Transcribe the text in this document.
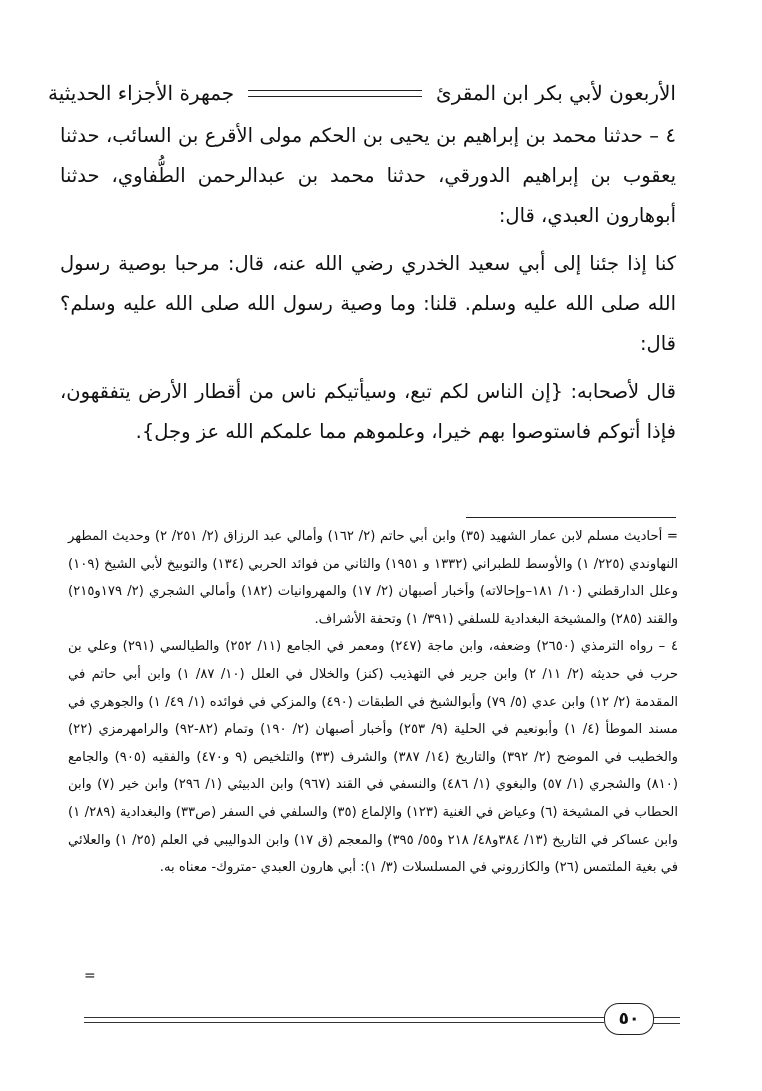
الأربعون لأبي بكر ابن المقرئ
جمهرة الأجزاء الحديثية

٤ – حدثنا محمد بن إبراهيم بن يحيى بن الحكم مولى الأقرع بن السائب، حدثنا يعقوب بن إبراهيم الدورقي، حدثنا محمد بن عبدالرحمن الطُّفاوي، حدثنا أبوهارون العبدي، قال:

كنا إذا جئنا إلى أبي سعيد الخدري رضي الله عنه، قال: مرحبا بوصية رسول الله صلى الله عليه وسلم. قلنا: وما وصية رسول الله صلى الله عليه وسلم؟ قال:

قال لأصحابه: {إن الناس لكم تبع، وسيأتيكم ناس من أقطار الأرض يتفقهون، فإذا أتوكم فاستوصوا بهم خيرا، وعلموهم مما علمكم الله عز وجل}.

= أحاديث مسلم لابن عمار الشهيد (٣٥) وابن أبي حاتم (٢/ ١٦٢) وأمالي عبد الرزاق (٢/ ٢٥١/ ٢) وحديث المطهر النهاوندي (٢٢٥/ ١) والأوسط للطبراني (١٣٣٢ و ١٩٥١) والثاني من فوائد الحربي (١٣٤) والتوبيخ لأبي الشيخ (١٠٩) وعلل الدارقطني (١٠/ ١٨١–وإحالاته) وأخبار أصبهان (٢/ ١٧) والمهروانيات (١٨٢) وأمالي الشجري (٢/ ١٧٩و٢١٥) والقند (٢٨٥) والمشيخة البغدادية للسلفي (٣٩١/ ١) وتحفة الأشراف.

٤ – رواه الترمذي (٢٦٥٠) وضعفه، وابن ماجة (٢٤٧) ومعمر في الجامع (١١/ ٢٥٢) والطيالسي (٢٩١) وعلي بن حرب في حديثه (٢/ ١١/ ٢) وابن جرير في التهذيب (كنز) والخلال في العلل (١٠/ ٨٧/ ١) وابن أبي حاتم في المقدمة (٢/ ١٢) وابن عدي (٥/ ٧٩) وأبوالشيخ في الطبقات (٤٩٠) والمزكي في فوائده (١/ ٤٩/ ١) والجوهري في مسند الموطأ (٤/ ١) وأبونعيم في الحلية (٩/ ٢٥٣) وأخبار أصبهان (٢/ ١٩٠) وتمام (٨٢-٩٢) والرامهرمزي (٢٢) والخطيب في الموضح (٢/ ٣٩٢) والتاريخ (١٤/ ٣٨٧) والشرف (٣٣) والتلخيص (٩ و٤٧٠) والفقيه (٩٠٥) والجامع (٨١٠) والشجري (١/ ٥٧) والبغوي (١/ ٤٨٦) والنسفي في القند (٩٦٧) وابن الدبيثي (١/ ٢٩٦) وابن خير (٧) وابن الحطاب في المشيخة (٦) وعياض في الغنية (١٢٣) والإلماع (٣٥) والسلفي في السفر (ص٣٣) والبغدادية (٢٨٩/ ١) وابن عساكر في التاريخ (١٣/ ٣٨٤و٤٨/ ٢١٨ و٥٥/ ٣٩٥) والمعجم (ق ١٧) وابن الدواليبي في العلم (٢٥/ ١) والعلائي في بغية الملتمس (٢٦) والكازروني في المسلسلات (٣/ ١): أبي هارون العبدي -متروك- معناه به.

=
٥٠
